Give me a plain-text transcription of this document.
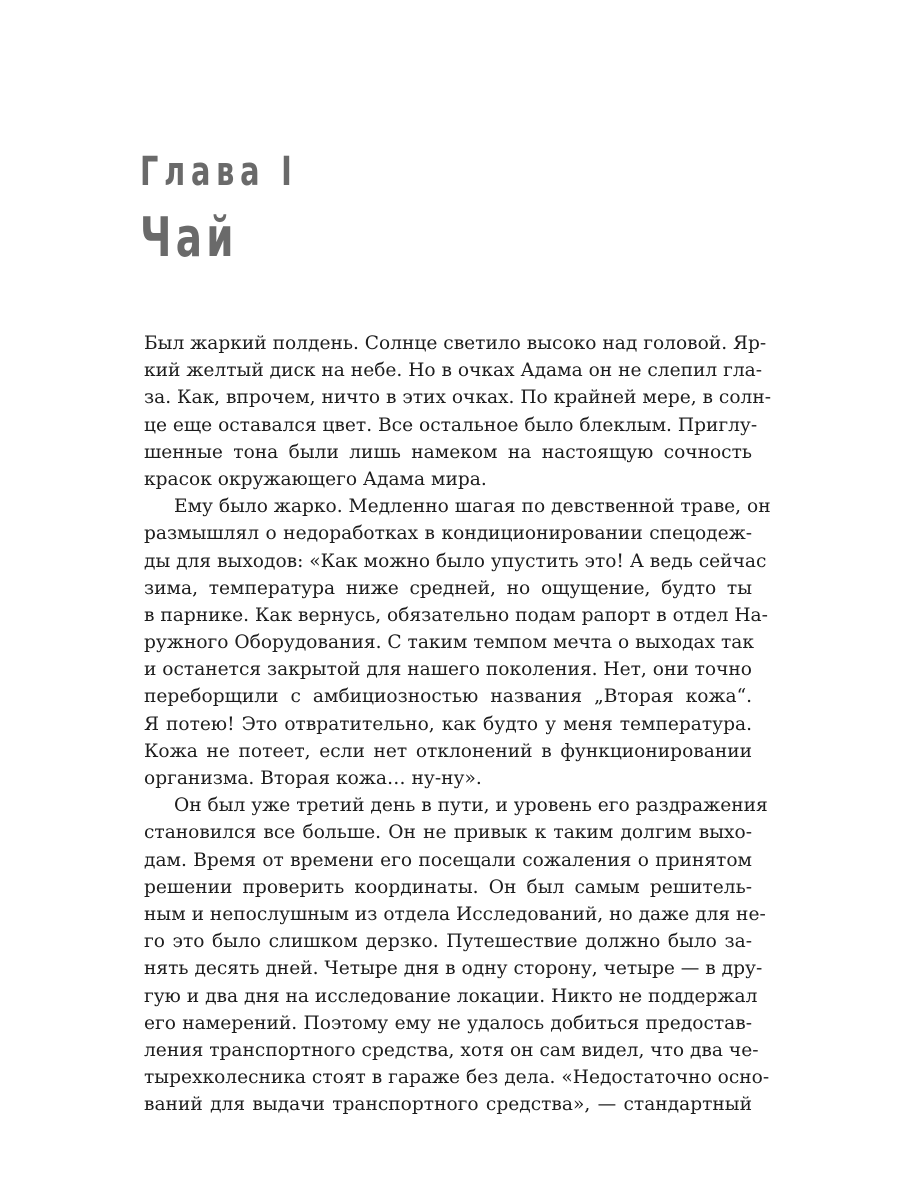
Глава I
Чай
Был жаркий полдень. Солнце светило высоко над головой. Яр-
кий желтый диск на небе. Но в очках Адама он не слепил гла-
за. Как, впрочем, ничто в этих очках. По крайней мере, в солн-
це еще оставался цвет. Все остальное было блеклым. Приглу-
шенные тона были лишь намеком на настоящую сочность
красок окружающего Адама мира.
Ему было жарко. Медленно шагая по девственной траве, он
размышлял о недоработках в кондиционировании спецодеж-
ды для выходов: «Как можно было упустить это! А ведь сейчас
зима, температура ниже средней, но ощущение, будто ты
в парнике. Как вернусь, обязательно подам рапорт в отдел На-
ружного Оборудования. С таким темпом мечта о выходах так
и останется закрытой для нашего поколения. Нет, они точно
переборщили с амбициозностью названия „Вторая кожа“.
Я потею! Это отвратительно, как будто у меня температура.
Кожа не потеет, если нет отклонений в функционировании
организма. Вторая кожа… ну-ну».
Он был уже третий день в пути, и уровень его раздражения
становился все больше. Он не привык к таким долгим выхо-
дам. Время от времени его посещали сожаления о принятом
решении проверить координаты. Он был самым решитель-
ным и непослушным из отдела Исследований, но даже для не-
го это было слишком дерзко. Путешествие должно было за-
нять десять дней. Четыре дня в одну сторону, четыре — в дру-
гую и два дня на исследование локации. Никто не поддержал
его намерений. Поэтому ему не удалось добиться предостав-
ления транспортного средства, хотя он сам видел, что два че-
тырехколесника стоят в гараже без дела. «Недостаточно осно-
ваний для выдачи транспортного средства», — стандартный
